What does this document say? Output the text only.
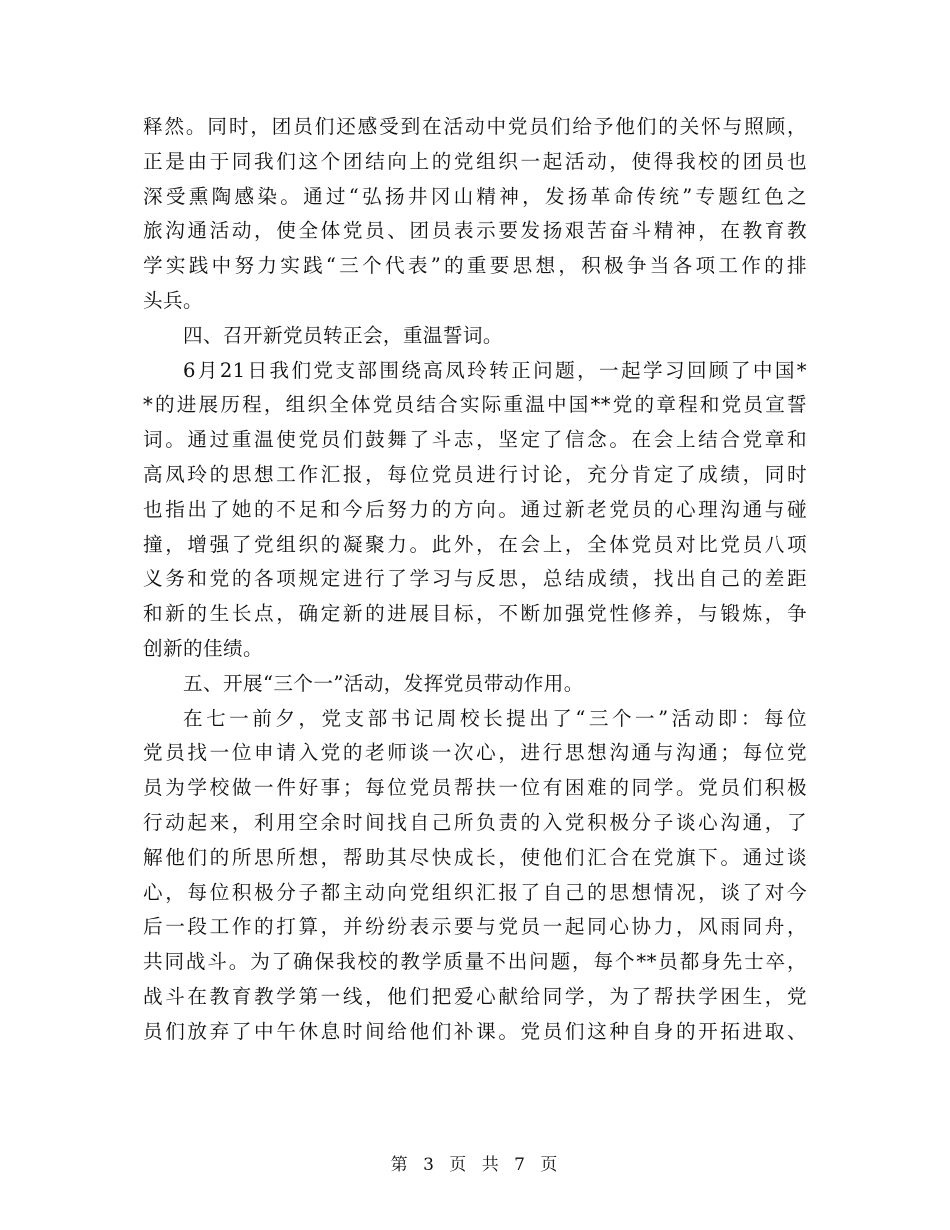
释然。同时，团员们还感受到在活动中党员们给予他们的关怀与照顾，
正是由于同我们这个团结向上的党组织一起活动，使得我校的团员也
深受熏陶感染。通过“弘扬井冈山精神，发扬革命传统”专题红色之
旅沟通活动，使全体党员、团员表示要发扬艰苦奋斗精神，在教育教
学实践中努力实践“三个代表”的重要思想，积极争当各项工作的排
头兵。
四、召开新党员转正会，重温誓词。
6月21日我们党支部围绕高凤玲转正问题，一起学习回顾了中国*
*的进展历程，组织全体党员结合实际重温中国**党的章程和党员宣誓
词。通过重温使党员们鼓舞了斗志，坚定了信念。在会上结合党章和
高凤玲的思想工作汇报，每位党员进行讨论，充分肯定了成绩，同时
也指出了她的不足和今后努力的方向。通过新老党员的心理沟通与碰
撞，增强了党组织的凝聚力。此外，在会上，全体党员对比党员八项
义务和党的各项规定进行了学习与反思，总结成绩，找出自己的差距
和新的生长点，确定新的进展目标，不断加强党性修养，与锻炼，争
创新的佳绩。
五、开展“三个一”活动，发挥党员带动作用。
在七一前夕，党支部书记周校长提出了“三个一”活动即：每位
党员找一位申请入党的老师谈一次心，进行思想沟通与沟通；每位党
员为学校做一件好事；每位党员帮扶一位有困难的同学。党员们积极
行动起来，利用空余时间找自己所负责的入党积极分子谈心沟通，了
解他们的所思所想，帮助其尽快成长，使他们汇合在党旗下。通过谈
心，每位积极分子都主动向党组织汇报了自己的思想情况，谈了对今
后一段工作的打算，并纷纷表示要与党员一起同心协力，风雨同舟，
共同战斗。为了确保我校的教学质量不出问题，每个**员都身先士卒，
战斗在教育教学第一线，他们把爱心献给同学，为了帮扶学困生，党
员们放弃了中午休息时间给他们补课。党员们这种自身的开拓进取、
第 3 页 共 7 页
